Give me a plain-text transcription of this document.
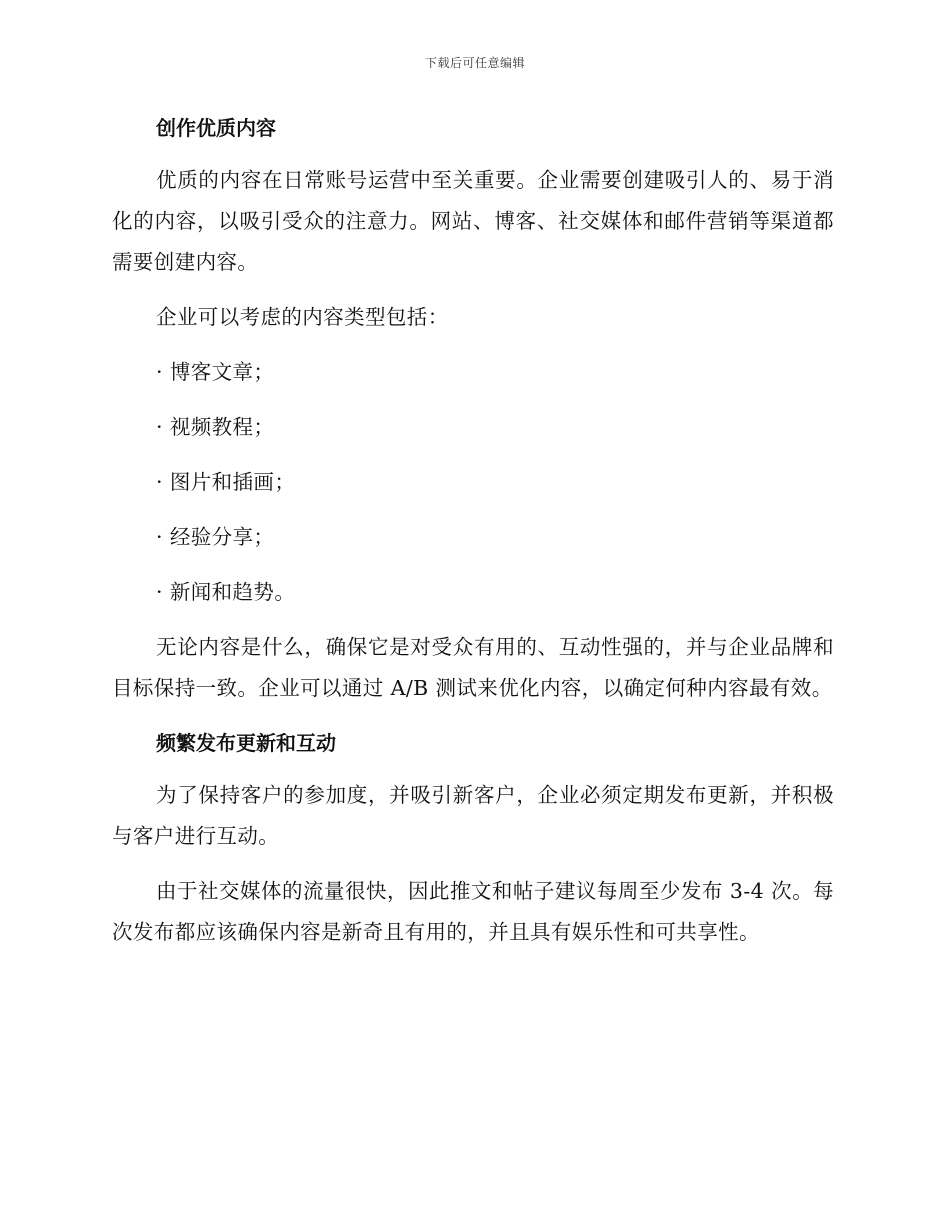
下载后可任意编辑
创作优质内容

优质的内容在日常账号运营中至关重要。企业需要创建吸引人的、易于消化的内容，以吸引受众的注意力。网站、博客、社交媒体和邮件营销等渠道都需要创建内容。

企业可以考虑的内容类型包括：

· 博客文章；
· 视频教程；
· 图片和插画；
· 经验分享；
· 新闻和趋势。

无论内容是什么，确保它是对受众有用的、互动性强的，并与企业品牌和目标保持一致。企业可以通过 A/B 测试来优化内容，以确定何种内容最有效。

频繁发布更新和互动

为了保持客户的参加度，并吸引新客户，企业必须定期发布更新，并积极与客户进行互动。

由于社交媒体的流量很快，因此推文和帖子建议每周至少发布 3-4 次。每次发布都应该确保内容是新奇且有用的，并且具有娱乐性和可共享性。
